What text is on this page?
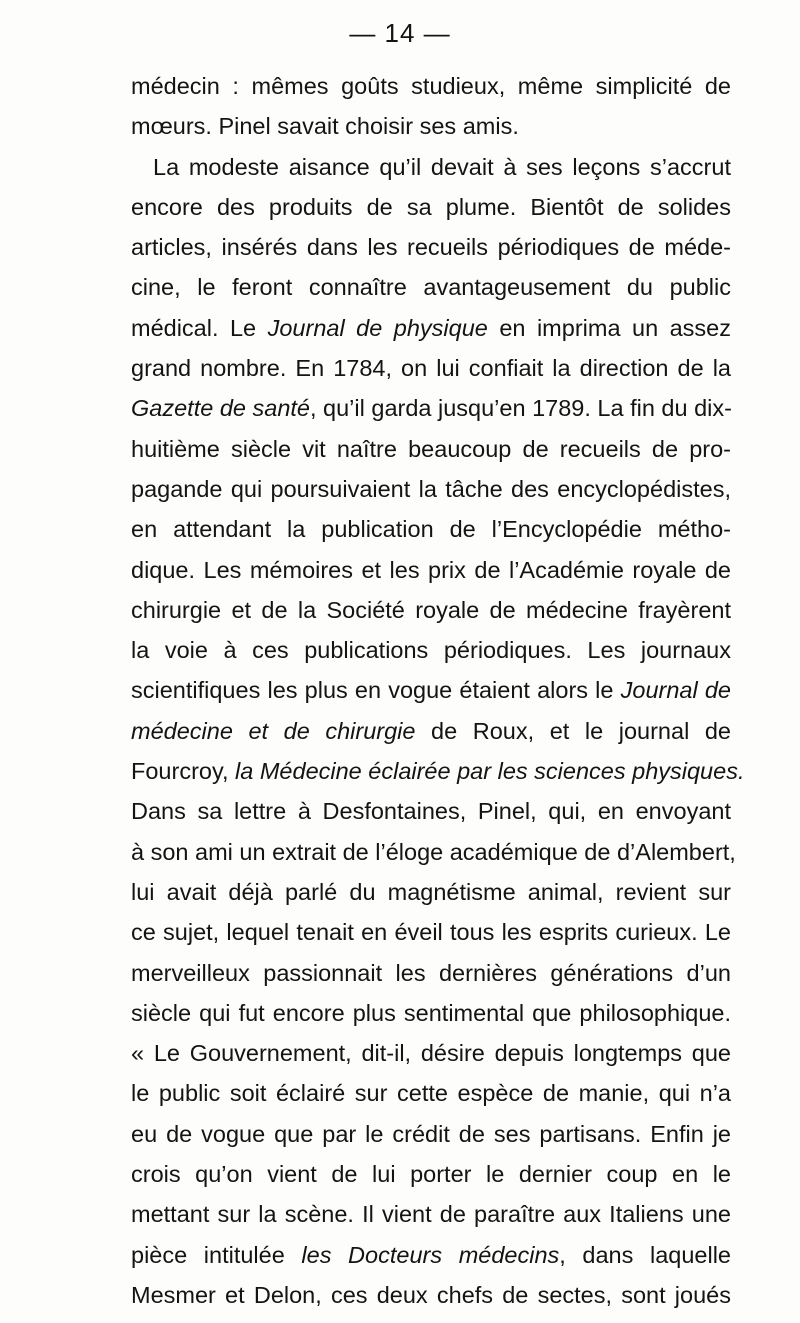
— 14 —
médecin : mêmes goûts studieux, même simplicité de
mœurs. Pinel savait choisir ses amis.
La modeste aisance qu’il devait à ses leçons s’accrut
encore des produits de sa plume. Bientôt de solides
articles, insérés dans les recueils périodiques de méde-
cine, le feront connaître avantageusement du public
médical. Le Journal de physique en imprima un assez
grand nombre. En 1784, on lui confiait la direction de la
Gazette de santé, qu’il garda jusqu’en 1789. La fin du dix-
huitième siècle vit naître beaucoup de recueils de pro-
pagande qui poursuivaient la tâche des encyclopédistes,
en attendant la publication de l’Encyclopédie métho-
dique. Les mémoires et les prix de l’Académie royale de
chirurgie et de la Société royale de médecine frayèrent
la voie à ces publications périodiques. Les journaux
scientifiques les plus en vogue étaient alors le Journal de
médecine et de chirurgie de Roux, et le journal de
Fourcroy, la Médecine éclairée par les sciences physiques.
Dans sa lettre à Desfontaines, Pinel, qui, en envoyant
à son ami un extrait de l’éloge académique de d’Alembert,
lui avait déjà parlé du magnétisme animal, revient sur
ce sujet, lequel tenait en éveil tous les esprits curieux. Le
merveilleux passionnait les dernières générations d’un
siècle qui fut encore plus sentimental que philosophique.
« Le Gouvernement, dit-il, désire depuis longtemps que
le public soit éclairé sur cette espèce de manie, qui n’a
eu de vogue que par le crédit de ses partisans. Enfin je
crois qu’on vient de lui porter le dernier coup en le
mettant sur la scène. Il vient de paraître aux Italiens une
pièce intitulée les Docteurs médecins, dans laquelle
Mesmer et Delon, ces deux chefs de sectes, sont joués
